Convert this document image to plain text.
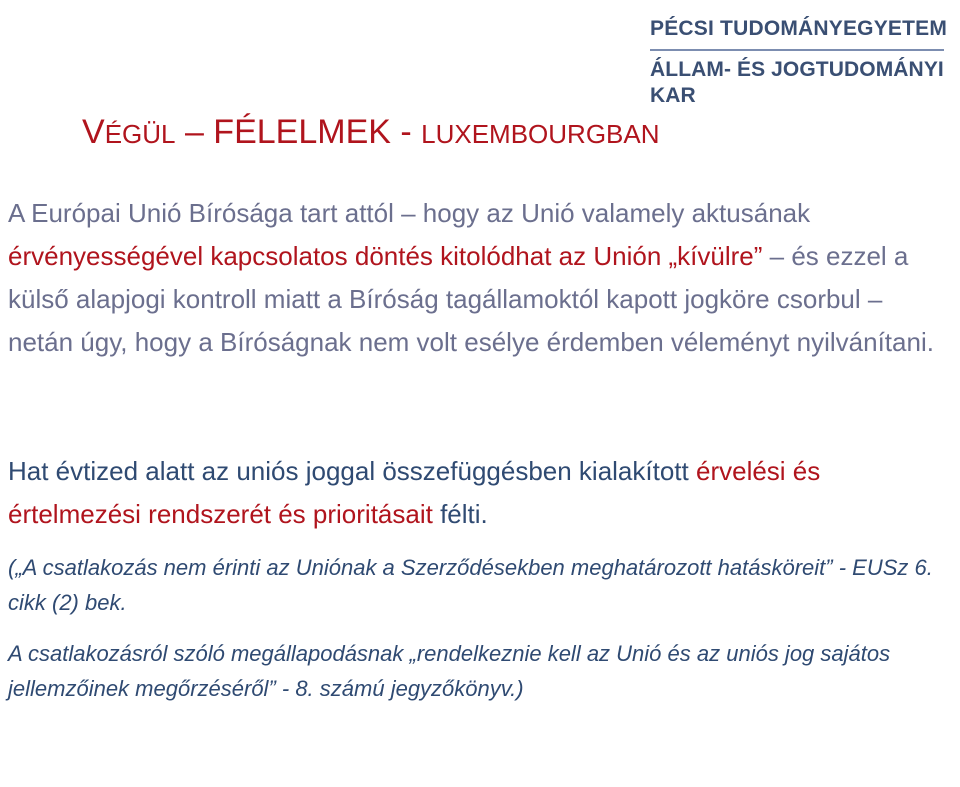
PÉCSI TUDOMÁNYEGYETEM
ÁLLAM- ÉS JOGTUDOMÁNYI KAR
VÉGÜL – FÉLELMEK - LUXEMBOURGBAN
A Európai Unió Bírósága tart attól – hogy az Unió valamely aktusának érvényességével kapcsolatos döntés kitolódhat az Unión „kívülre” – és ezzel a külső alapjogi kontroll miatt a Bíróság tagállamoktól kapott jogköre csorbul – netán úgy, hogy a Bíróságnak nem volt esélye érdemben véleményt nyilvánítani.
Hat évtized alatt az uniós joggal összefüggésben kialakított érvelési és értelmezési rendszerét és prioritásait félti.
(„A csatlakozás nem érinti az Uniónak a Szerződésekben meghatározott hatásköreit” - EUSz 6. cikk (2) bek.
A csatlakozásról szóló megállapodásnak „rendelkeznie kell az Unió és az uniós jog sajátos jellemzőinek megőrzéséről” - 8. számú jegyzőkönyv.)
